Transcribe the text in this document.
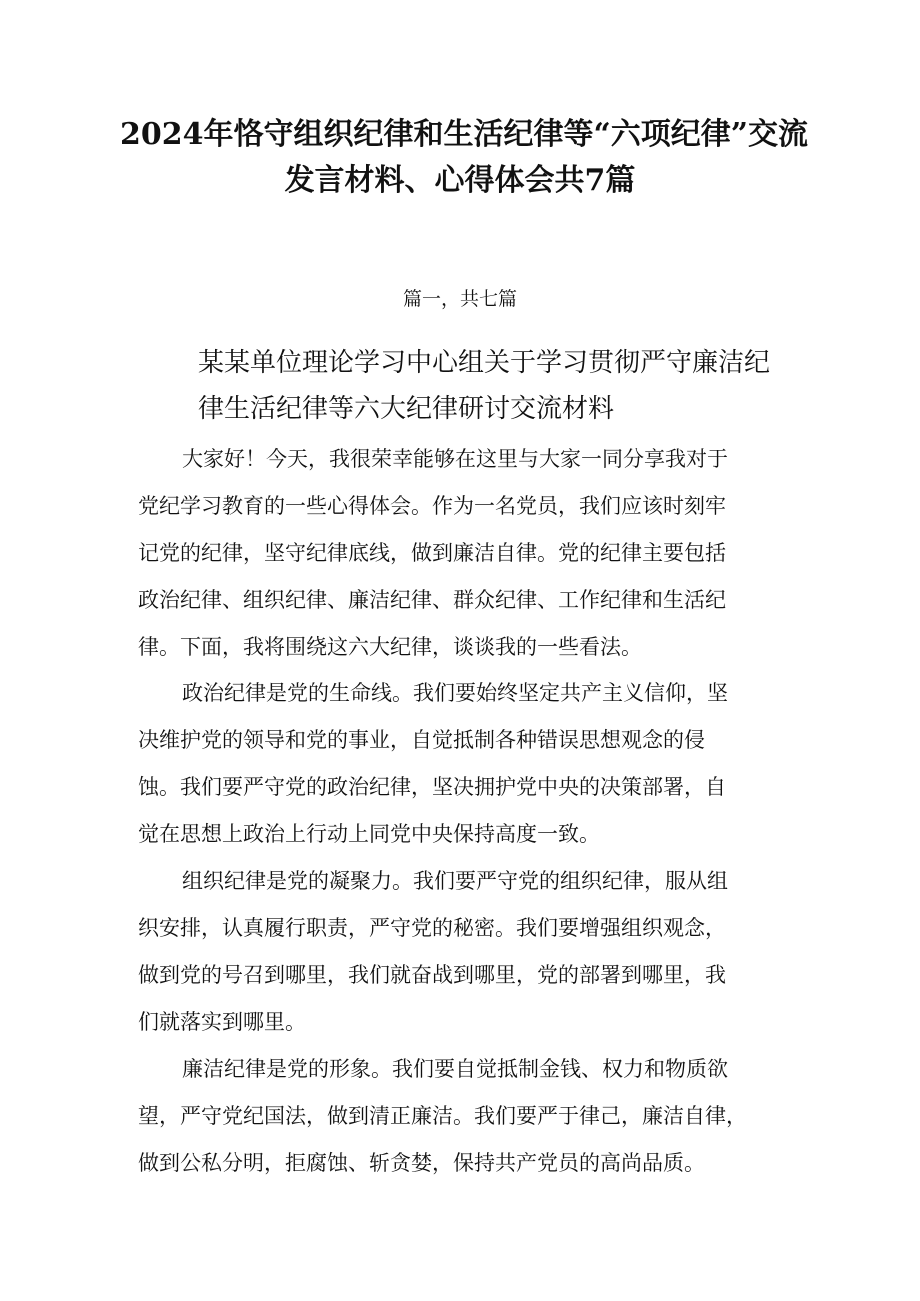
2024年恪守组织纪律和生活纪律等“六项纪律”交流
发言材料、心得体会共7篇
篇一，共七篇
某某单位理论学习中心组关于学习贯彻严守廉洁纪
律生活纪律等六大纪律研讨交流材料
大家好！今天，我很荣幸能够在这里与大家一同分享我对于
党纪学习教育的一些心得体会。作为一名党员，我们应该时刻牢
记党的纪律，坚守纪律底线，做到廉洁自律。党的纪律主要包括
政治纪律、组织纪律、廉洁纪律、群众纪律、工作纪律和生活纪
律。下面，我将围绕这六大纪律，谈谈我的一些看法。
政治纪律是党的生命线。我们要始终坚定共产主义信仰，坚
决维护党的领导和党的事业，自觉抵制各种错误思想观念的侵
蚀。我们要严守党的政治纪律，坚决拥护党中央的决策部署，自
觉在思想上政治上行动上同党中央保持高度一致。
组织纪律是党的凝聚力。我们要严守党的组织纪律，服从组
织安排，认真履行职责，严守党的秘密。我们要增强组织观念，
做到党的号召到哪里，我们就奋战到哪里，党的部署到哪里，我
们就落实到哪里。
廉洁纪律是党的形象。我们要自觉抵制金钱、权力和物质欲
望，严守党纪国法，做到清正廉洁。我们要严于律己，廉洁自律，
做到公私分明，拒腐蚀、斩贪婪，保持共产党员的高尚品质。
